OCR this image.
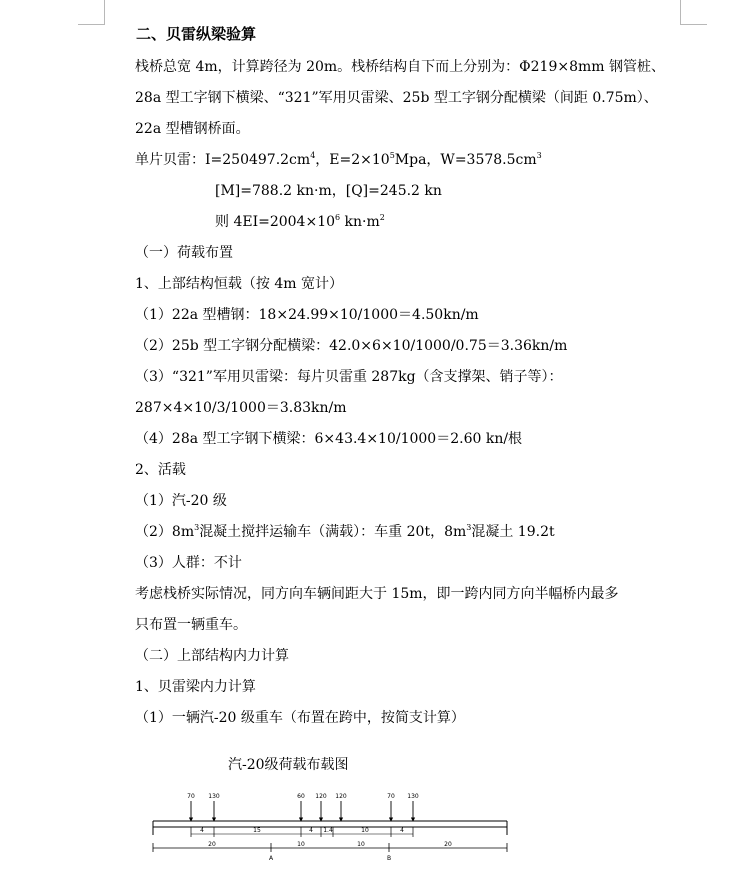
二、贝雷纵梁验算
栈桥总宽 4m，计算跨径为 20m。栈桥结构自下而上分别为：Φ219×8mm 钢管桩、
28a 型工字钢下横梁、“321”军用贝雷梁、25b 型工字钢分配横梁（间距 0.75m）、
22a 型槽钢桥面。
单片贝雷：$I=250497.2cm^4$，$E=2\times 10^5Mpa$，$W=3578.5cm^3$
[M]=788.2 kn·m，[Q]=245.2 kn
则 $4EI=2004\times 10^6$ $kn\cdot m^2$
（一）荷载布置
1、上部结构恒载（按 4m 宽计）
（1）22a 型槽钢：18×24.99×10/1000＝4.50kn/m
（2）25b 型工字钢分配横梁：42.0×6×10/1000/0.75＝3.36kn/m
（3）“321”军用贝雷梁：每片贝雷重 287kg（含支撑架、销子等）：
287×4×10/3/1000＝3.83kn/m
（4）28a 型工字钢下横梁：6×43.4×10/1000＝2.60 kn/根
2、活载
（1）汽-20 级
$(2)8m^3$混凝土搅拌运输车（满载）：车重 20t，$8m^3$混凝土 19.2t
（3）人群：不计
考虑栈桥实际情况，同方向车辆间距大于 15m，即一跨内同方向半幅桥内最多
只布置一辆重车。
（二）上部结构内力计算
1、贝雷梁内力计算
（1）一辆汽-20 级重车（布置在跨中，按简支计算）
汽-20级荷载布载图
70 130	60 120 120	70 130
4	15	4 1.4	10	4
20	10	10	20
A	B
